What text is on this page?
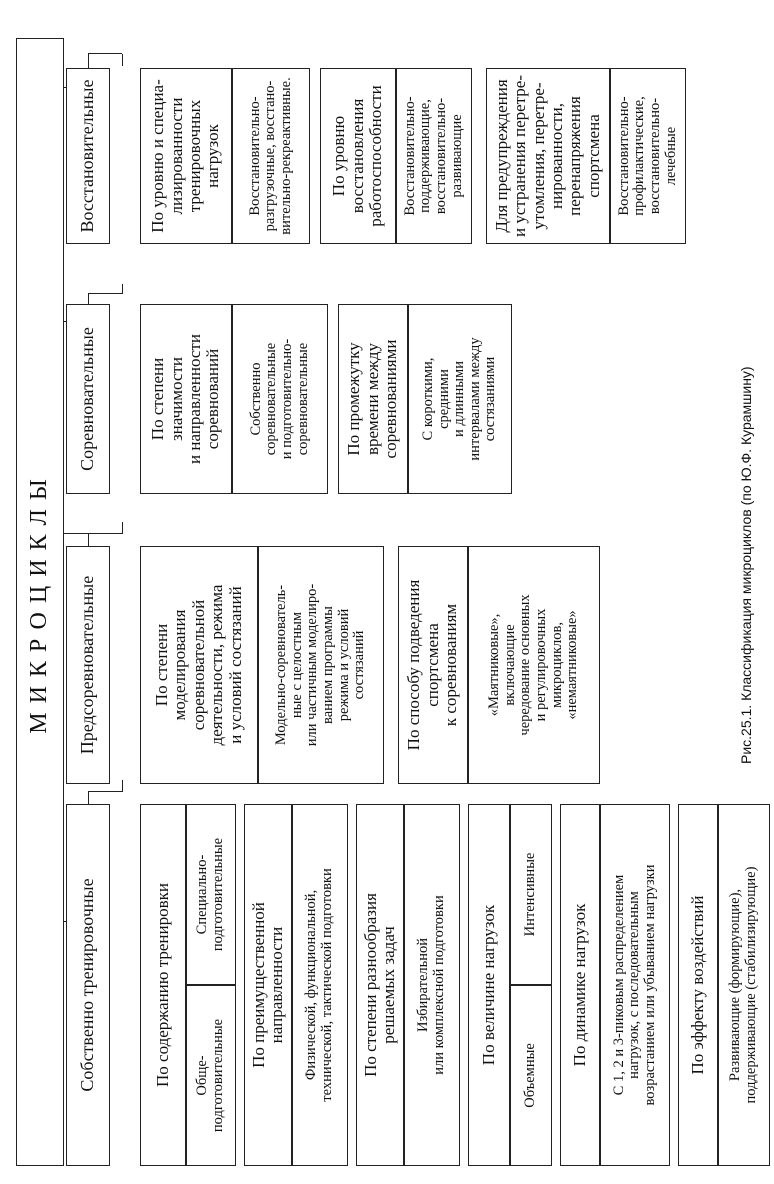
МИКРОЦИКЛЫ
Собственно тренировочные
Предсоревновательные
Соревновательные
Восстановительные
По содержанию тренировки Обще-
подготовительные
Специально-
подготовительные
По преимущественной
направленности Физической, функциональной,
технической, тактической подготовки
По степени разнообразия
решаемых задач Избирательной
или комплексной подготовки По величине нагрузок
Объемные
Интенсивные
По динамике нагрузок
С 1, 2 и 3-пиковым распределением
нагрузок, с последовательным
возрастанием или убыванием нагрузки
По эффекту воздействий Развивающие (формирующие),
поддерживающие (стабилизирующие)
По степени
моделирования
соревновательной
деятельности, режима
и условий состязаний Модельно-соревнователь-
ные с целостным
или частичным моделиро-
ванием программы
режима и условий
состязаний
По способу подведения
спортсмена
к соревнованиям «Маятниковые»,
включающие
чередование основных
и регулировочных
микроциклов,
«немаятниковые»
По степени
значимости
и направленности
соревнований Собственно
соревновательные
и подготовительно-
соревновательные По промежутку
времени между
соревнованиями С короткими,
средними
и длинными
интервалами между
состязаниями
По уровню и специа-
лизированности
тренировочных
нагрузок Восстановительно-
разгрузочные, восстано-
вительно-рекреактивные. По уровню
восстановления
работоспособности Восстановительно-
поддерживающие,
восстановительно-
развивающие
Для предупреждения
и устранения перетре-
утомления, перетре-
нированности,
перенапряжения
спортсмена Восстановительно-
профилактические,
восстановительно-
лечебные
Рис.25.1. Классификация микроциклов (по Ю.Ф. Курамшину)
